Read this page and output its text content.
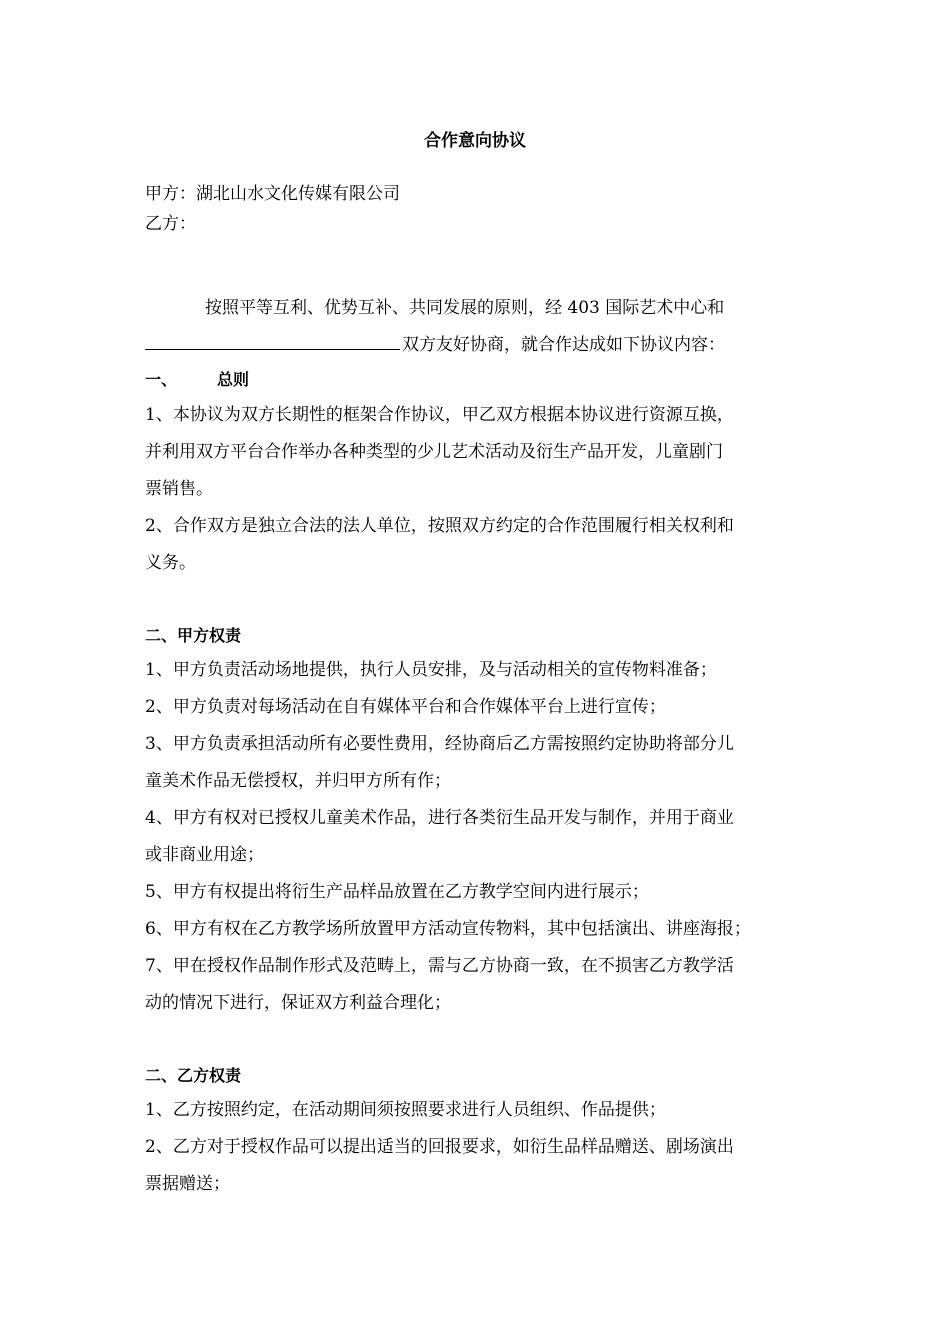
合作意向协议
甲方：湖北山水文化传媒有限公司
乙方：
按照平等互利、优势互补、共同发展的原则，经 403 国际艺术中心和
双方友好协商，就合作达成如下协议内容：
一、	总则
1、本协议为双方长期性的框架合作协议，甲乙双方根据本协议进行资源互换，
并利用双方平台合作举办各种类型的少儿艺术活动及衍生产品开发，儿童剧门
票销售。
2、合作双方是独立合法的法人单位，按照双方约定的合作范围履行相关权利和
义务。
二、甲方权责
1、甲方负责活动场地提供，执行人员安排，及与活动相关的宣传物料准备；
2、甲方负责对每场活动在自有媒体平台和合作媒体平台上进行宣传；
3、甲方负责承担活动所有必要性费用，经协商后乙方需按照约定协助将部分儿
童美术作品无偿授权，并归甲方所有作；
4、甲方有权对已授权儿童美术作品，进行各类衍生品开发与制作，并用于商业
或非商业用途；
5、甲方有权提出将衍生产品样品放置在乙方教学空间内进行展示；
6、甲方有权在乙方教学场所放置甲方活动宣传物料，其中包括演出、讲座海报；
7、甲在授权作品制作形式及范畴上，需与乙方协商一致，在不损害乙方教学活
动的情况下进行，保证双方利益合理化；
二、乙方权责
1、乙方按照约定，在活动期间须按照要求进行人员组织、作品提供；
2、乙方对于授权作品可以提出适当的回报要求，如衍生品样品赠送、剧场演出
票据赠送；
